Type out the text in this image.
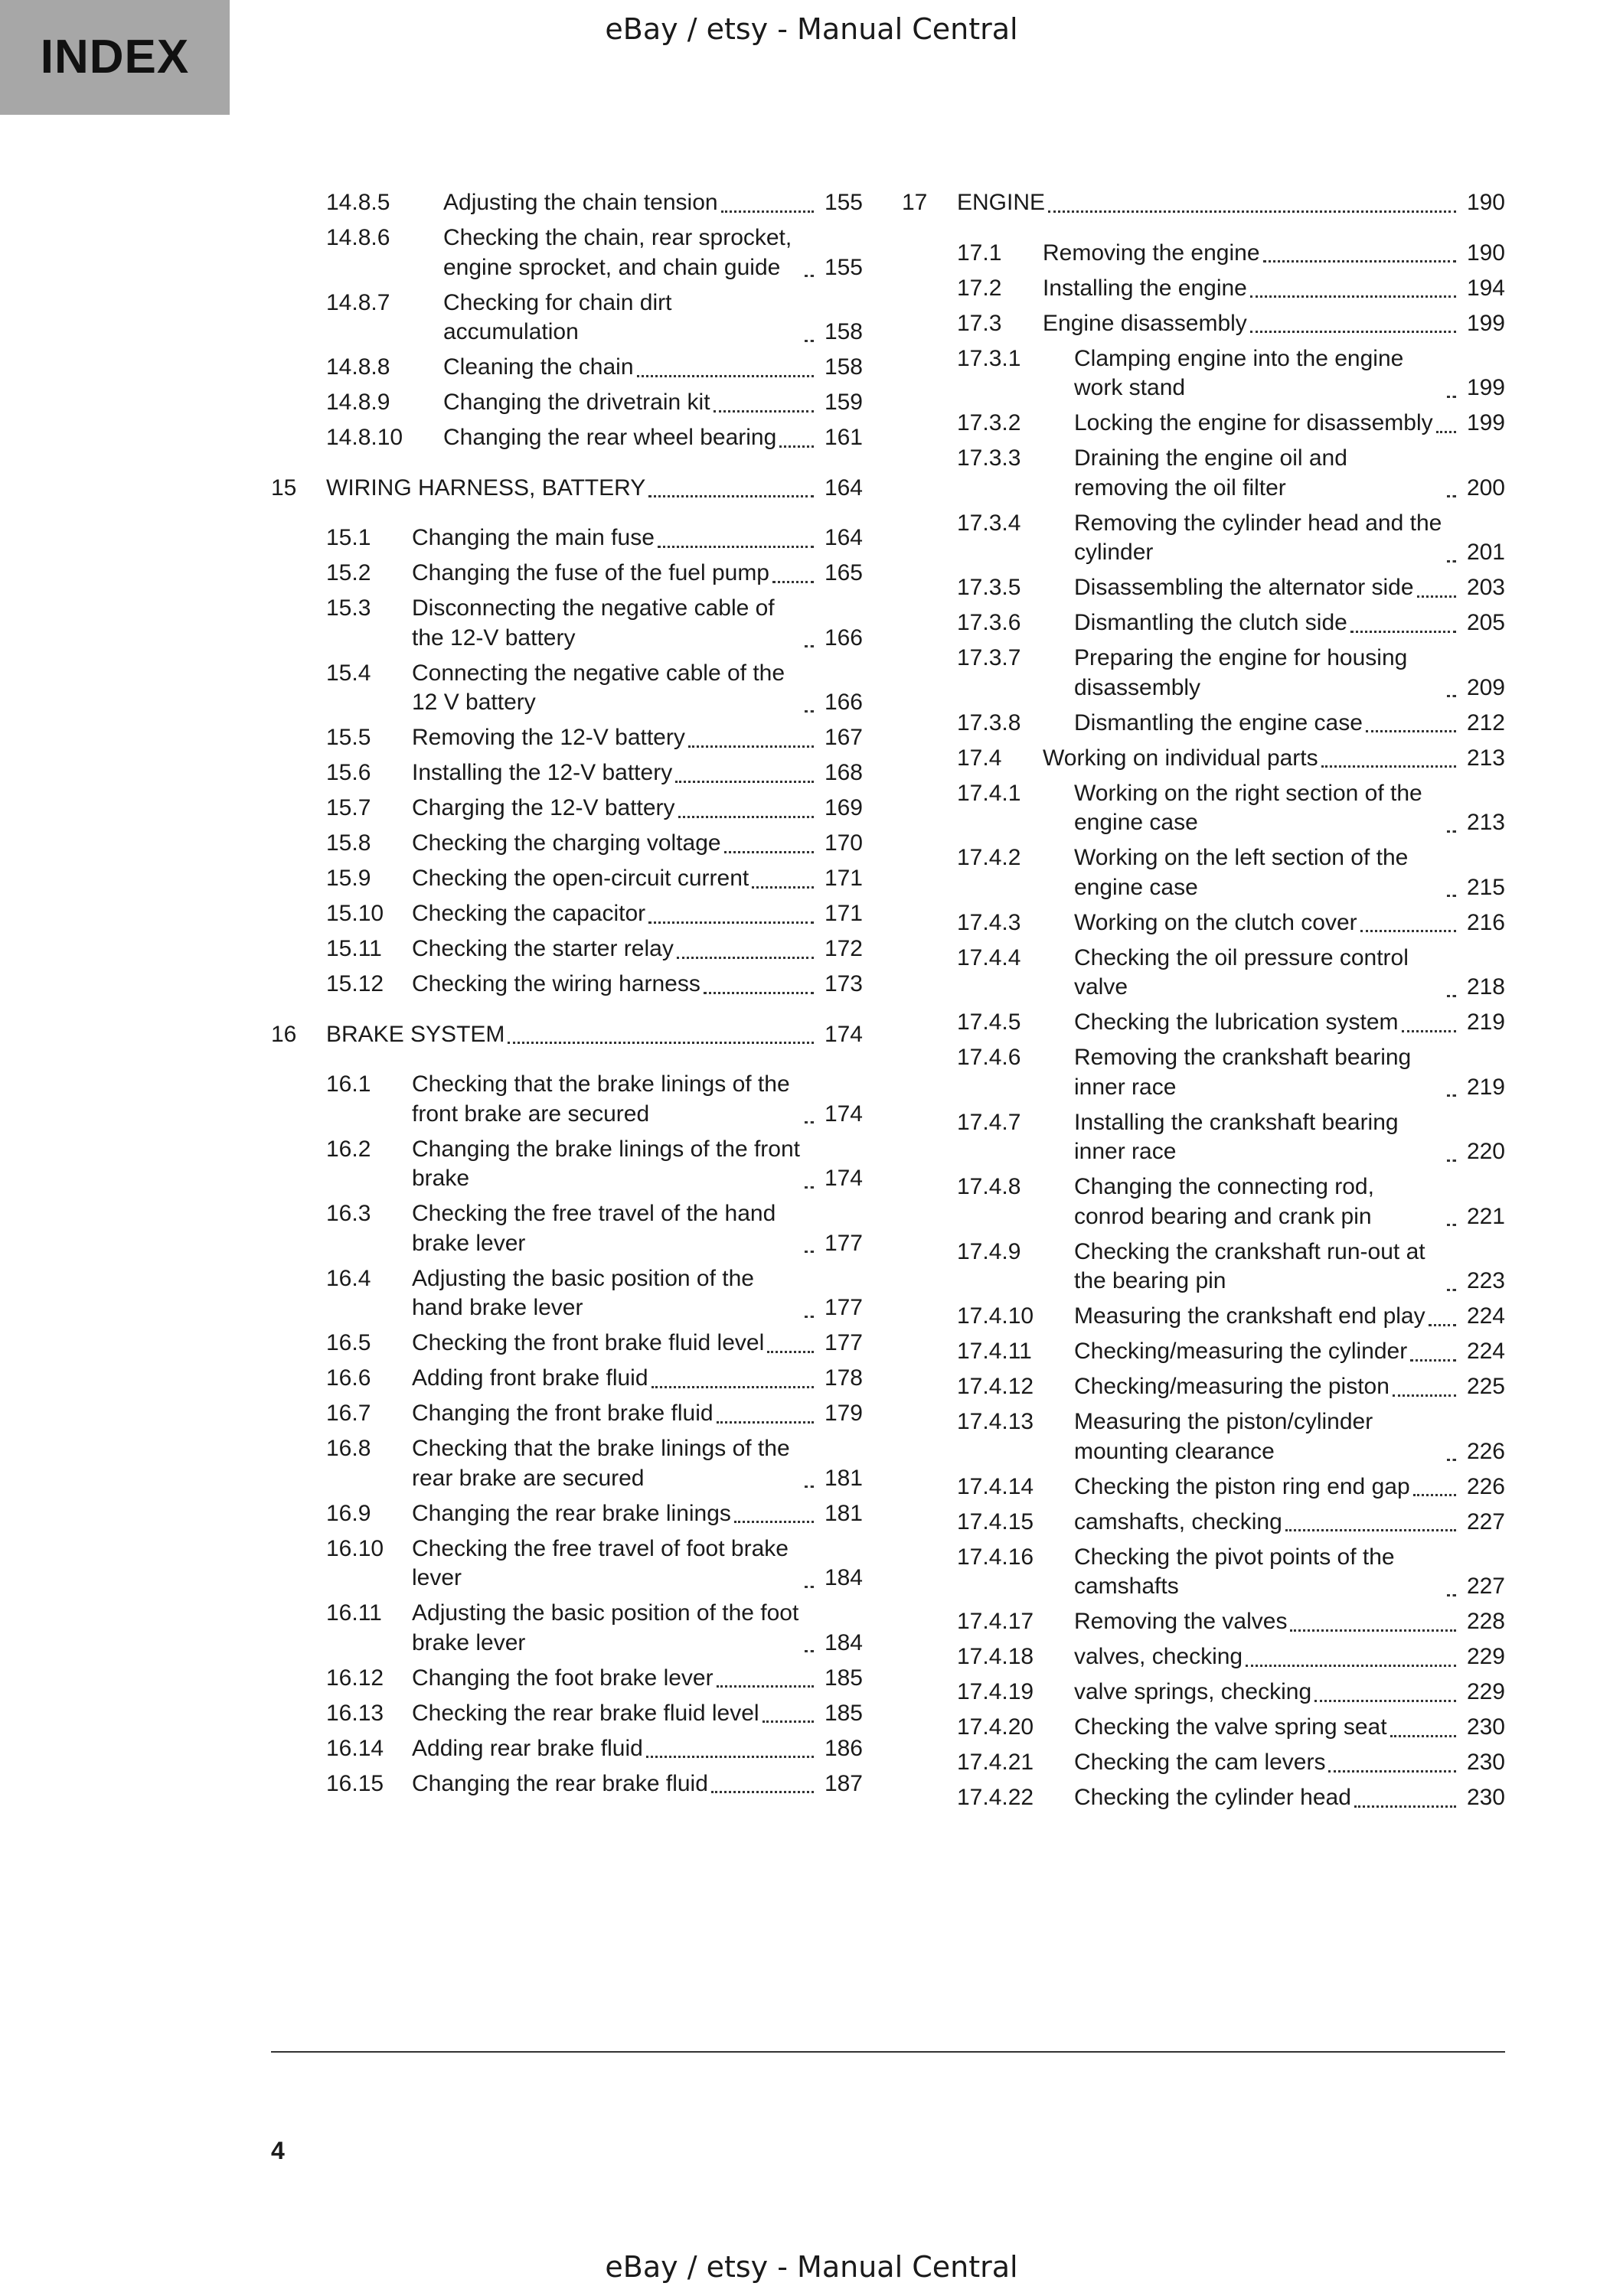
INDEX
eBay / etsy - Manual Central
14.8.5	Adjusting the chain tension	155
14.8.6	Checking the chain, rear sprocket, engine sprocket, and chain guide	155
14.8.7	Checking for chain dirt accumulation	158
14.8.8	Cleaning the chain	158
14.8.9	Changing the drivetrain kit	159
14.8.10	Changing the rear wheel bearing	161
15	WIRING HARNESS, BATTERY	164
15.1	Changing the main fuse	164
15.2	Changing the fuse of the fuel pump	165
15.3	Disconnecting the negative cable of the 12-V battery	166
15.4	Connecting the negative cable of the 12 V battery	166
15.5	Removing the 12-V battery	167
15.6	Installing the 12-V battery	168
15.7	Charging the 12-V battery	169
15.8	Checking the charging voltage	170
15.9	Checking the open-circuit current	171
15.10	Checking the capacitor	171
15.11	Checking the starter relay	172
15.12	Checking the wiring harness	173
16	BRAKE SYSTEM	174
16.1	Checking that the brake linings of the front brake are secured	174
16.2	Changing the brake linings of the front brake	174
16.3	Checking the free travel of the hand brake lever	177
16.4	Adjusting the basic position of the hand brake lever	177
16.5	Checking the front brake fluid level	177
16.6	Adding front brake fluid	178
16.7	Changing the front brake fluid	179
16.8	Checking that the brake linings of the rear brake are secured	181
16.9	Changing the rear brake linings	181
16.10	Checking the free travel of foot brake lever	184
16.11	Adjusting the basic position of the foot brake lever	184
16.12	Changing the foot brake lever	185
16.13	Checking the rear brake fluid level	185
16.14	Adding rear brake fluid	186
16.15	Changing the rear brake fluid	187
17	ENGINE	190
17.1	Removing the engine	190
17.2	Installing the engine	194
17.3	Engine disassembly	199
17.3.1	Clamping engine into the engine work stand	199
17.3.2	Locking the engine for disassembly	199
17.3.3	Draining the engine oil and removing the oil filter	200
17.3.4	Removing the cylinder head and the cylinder	201
17.3.5	Disassembling the alternator side	203
17.3.6	Dismantling the clutch side	205
17.3.7	Preparing the engine for housing disassembly	209
17.3.8	Dismantling the engine case	212
17.4	Working on individual parts	213
17.4.1	Working on the right section of the engine case	213
17.4.2	Working on the left section of the engine case	215
17.4.3	Working on the clutch cover	216
17.4.4	Checking the oil pressure control valve	218
17.4.5	Checking the lubrication system	219
17.4.6	Removing the crankshaft bearing inner race	219
17.4.7	Installing the crankshaft bearing inner race	220
17.4.8	Changing the connecting rod, conrod bearing and crank pin	221
17.4.9	Checking the crankshaft run-out at the bearing pin	223
17.4.10	Measuring the crankshaft end play	224
17.4.11	Checking/measuring the cylinder	224
17.4.12	Checking/measuring the piston	225
17.4.13	Measuring the piston/cylinder mounting clearance	226
17.4.14	Checking the piston ring end gap	226
17.4.15	camshafts, checking	227
17.4.16	Checking the pivot points of the camshafts	227
17.4.17	Removing the valves	228
17.4.18	valves, checking	229
17.4.19	valve springs, checking	229
17.4.20	Checking the valve spring seat	230
17.4.21	Checking the cam levers	230
17.4.22	Checking the cylinder head	230
4
eBay / etsy - Manual Central
